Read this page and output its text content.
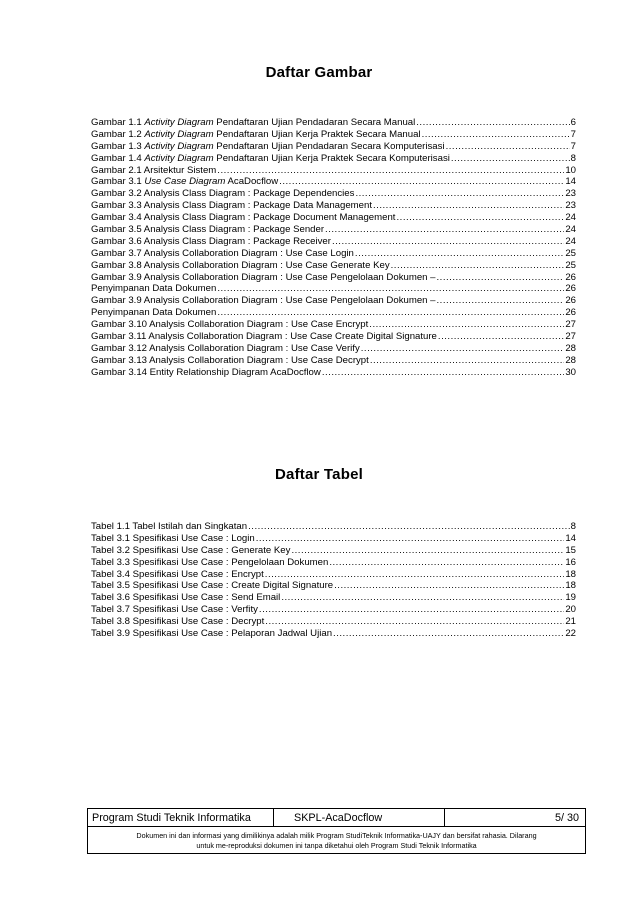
Daftar Gambar
Gambar 1.1 Activity Diagram Pendaftaran Ujian Pendadaran Secara Manual .....	6
Gambar 1.2 Activity Diagram Pendaftaran Ujian Kerja Praktek Secara Manual .....	7
Gambar 1.3 Activity Diagram Pendaftaran Ujian Pendadaran Secara Komputerisasi .....	7
Gambar 1.4 Activity Diagram Pendaftaran Ujian Kerja Praktek Secara Komputerisasi .....	8
Gambar 2.1 Arsitektur Sistem .....	10
Gambar 3.1 Use Case Diagram AcaDocflow .....	14
Gambar 3.2 Analysis Class Diagram : Package Dependencies .....	23
Gambar 3.3 Analysis Class Diagram : Package Data Management .....	23
Gambar 3.4 Analysis Class Diagram : Package Document Management .....	24
Gambar 3.5 Analysis Class Diagram : Package Sender .....	24
Gambar 3.6 Analysis Class Diagram : Package Receiver .....	24
Gambar 3.7 Analysis Collaboration Diagram : Use Case Login .....	25
Gambar 3.8 Analysis Collaboration Diagram : Use Case Generate Key .....	25
Gambar 3.9 Analysis Collaboration Diagram : Use Case Pengelolaan Dokumen – .....	26
Penyimpanan Data Dokumen .....	26
Gambar 3.9 Analysis Collaboration Diagram : Use Case Pengelolaan Dokumen – .....	26
Penyimpanan Data Dokumen .....	26
Gambar 3.10 Analysis Collaboration Diagram : Use Case Encrypt .....	27
Gambar 3.11 Analysis Collaboration Diagram : Use Case Create Digital Signature .....	27
Gambar 3.12 Analysis Collaboration Diagram : Use Case Verify .....	28
Gambar 3.13 Analysis Collaboration Diagram : Use Case Decrypt .....	28
Gambar 3.14 Entity Relationship Diagram AcaDocflow .....	30
Daftar Tabel
Tabel 1.1 Tabel Istilah dan Singkatan .....	8
Tabel 3.1 Spesifikasi Use Case : Login .....	14
Tabel 3.2 Spesifikasi Use Case : Generate Key .....	15
Tabel 3.3 Spesifikasi Use Case : Pengelolaan Dokumen .....	16
Tabel 3.4 Spesifikasi Use Case : Encrypt .....	18
Tabel 3.5 Spesifikasi Use Case : Create Digital Signature .....	18
Tabel 3.6 Spesifikasi Use Case : Send Email .....	19
Tabel 3.7 Spesifikasi Use Case : Verfity .....	20
Tabel 3.8 Spesifikasi Use Case : Decrypt .....	21
Tabel 3.9 Spesifikasi Use Case : Pelaporan Jadwal Ujian .....	22
Program Studi Teknik Informatika	SKPL-AcaDocflow	5/ 30
Dokumen ini dan informasi yang dimilikinya adalah milik Program StudiTeknik Informatika-UAJY dan bersifat rahasia. Dilarang
untuk me-reproduksi dokumen ini tanpa diketahui oleh Program Studi Teknik Informatika
